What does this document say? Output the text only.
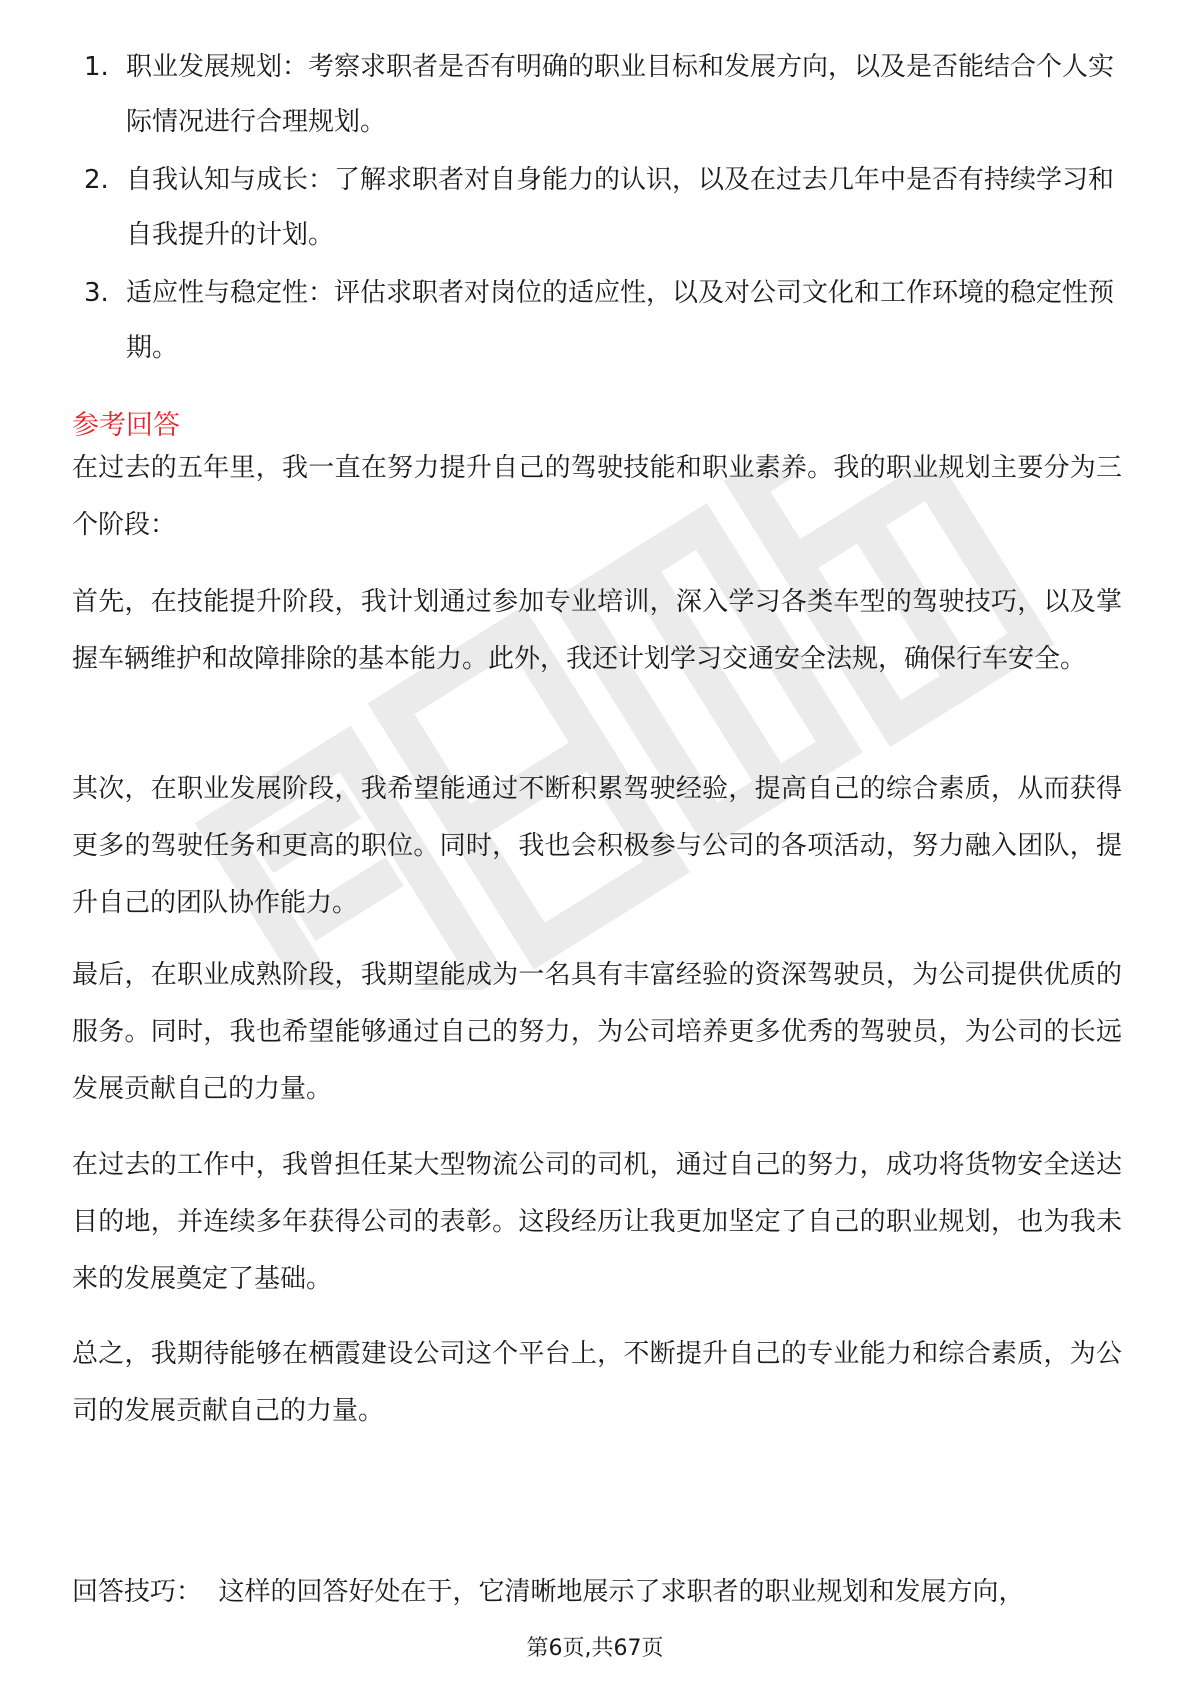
1. 职业发展规划：考察求职者是否有明确的职业目标和发展方向，以及是否能结合个人实际情况进行合理规划。
2. 自我认知与成长：了解求职者对自身能力的认识，以及在过去几年中是否有持续学习和自我提升的计划。
3. 适应性与稳定性：评估求职者对岗位的适应性，以及对公司文化和工作环境的稳定性预期。
参考回答

在过去的五年里，我一直在努力提升自己的驾驶技能和职业素养。我的职业规划主要分为三个阶段：

首先，在技能提升阶段，我计划通过参加专业培训，深入学习各类车型的驾驶技巧，以及掌握车辆维护和故障排除的基本能力。此外，我还计划学习交通安全法规，确保行车安全。

其次，在职业发展阶段，我希望能通过不断积累驾驶经验，提高自己的综合素质，从而获得更多的驾驶任务和更高的职位。同时，我也会积极参与公司的各项活动，努力融入团队，提升自己的团队协作能力。

最后，在职业成熟阶段，我期望能成为一名具有丰富经验的资深驾驶员，为公司提供优质的服务。同时，我也希望能够通过自己的努力，为公司培养更多优秀的驾驶员，为公司的长远发展贡献自己的力量。

在过去的工作中，我曾担任某大型物流公司的司机，通过自己的努力，成功将货物安全送达目的地，并连续多年获得公司的表彰。这段经历让我更加坚定了自己的职业规划，也为我未来的发展奠定了基础。

总之，我期待能够在栖霞建设公司这个平台上，不断提升自己的专业能力和综合素质，为公司的发展贡献自己的力量。

回答技巧： 这样的回答好处在于，它清晰地展示了求职者的职业规划和发展方向，

第6页,共67页
